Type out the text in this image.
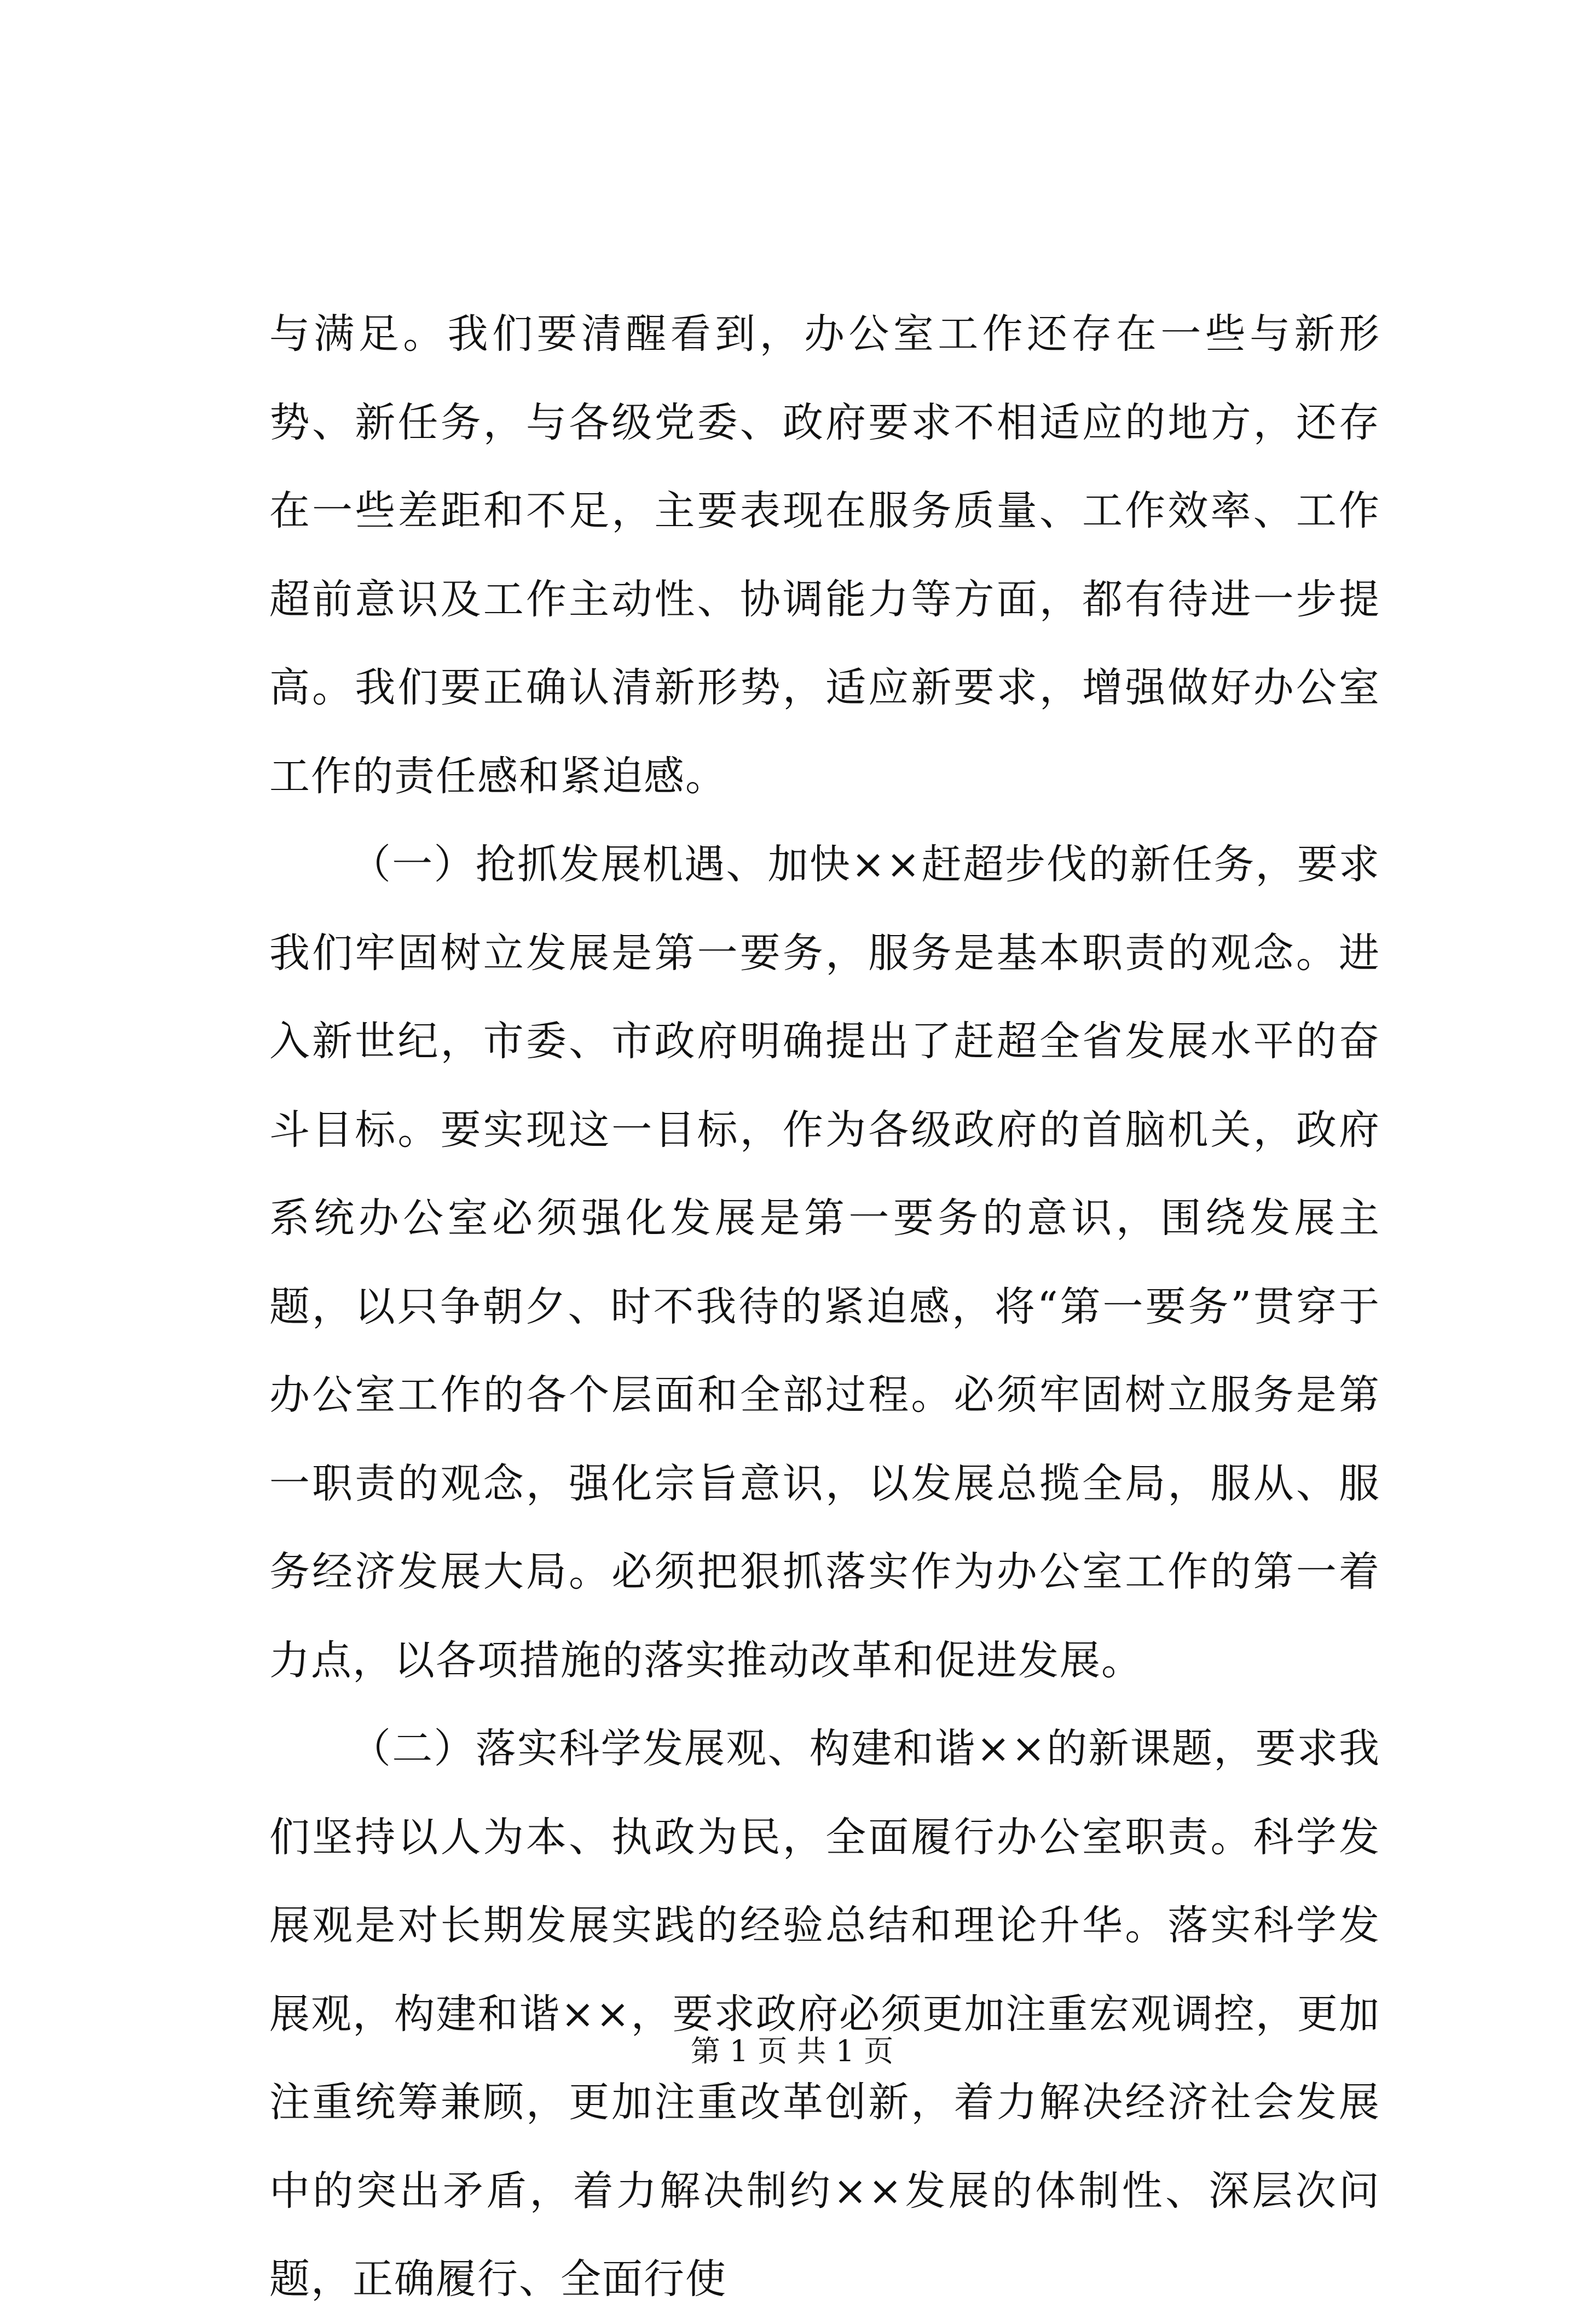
与满足。我们要清醒看到，办公室工作还存在一些与新形势、新任务，与各级党委、政府要求不相适应的地方，还存在一些差距和不足，主要表现在服务质量、工作效率、工作超前意识及工作主动性、协调能力等方面，都有待进一步提高。我们要正确认清新形势，适应新要求，增强做好办公室工作的责任感和紧迫感。

（一）抢抓发展机遇、加快××赶超步伐的新任务，要求我们牢固树立发展是第一要务，服务是基本职责的观念。进入新世纪，市委、市政府明确提出了赶超全省发展水平的奋斗目标。要实现这一目标，作为各级政府的首脑机关，政府系统办公室必须强化发展是第一要务的意识，围绕发展主题，以只争朝夕、时不我待的紧迫感，将“第一要务”贯穿于办公室工作的各个层面和全部过程。必须牢固树立服务是第一职责的观念，强化宗旨意识，以发展总揽全局，服从、服务经济发展大局。必须把狠抓落实作为办公室工作的第一着力点，以各项措施的落实推动改革和促进发展。

（二）落实科学发展观、构建和谐××的新课题，要求我们坚持以人为本、执政为民，全面履行办公室职责。科学发展观是对长期发展实践的经验总结和理论升华。落实科学发展观，构建和谐××，要求政府必须更加注重宏观调控，更加注重统筹兼顾，更加注重改革创新，着力解决经济社会发展中的突出矛盾，着力解决制约××发展的体制性、深层次问题，正确履行、全面行使

第 1 页 共 1 页
